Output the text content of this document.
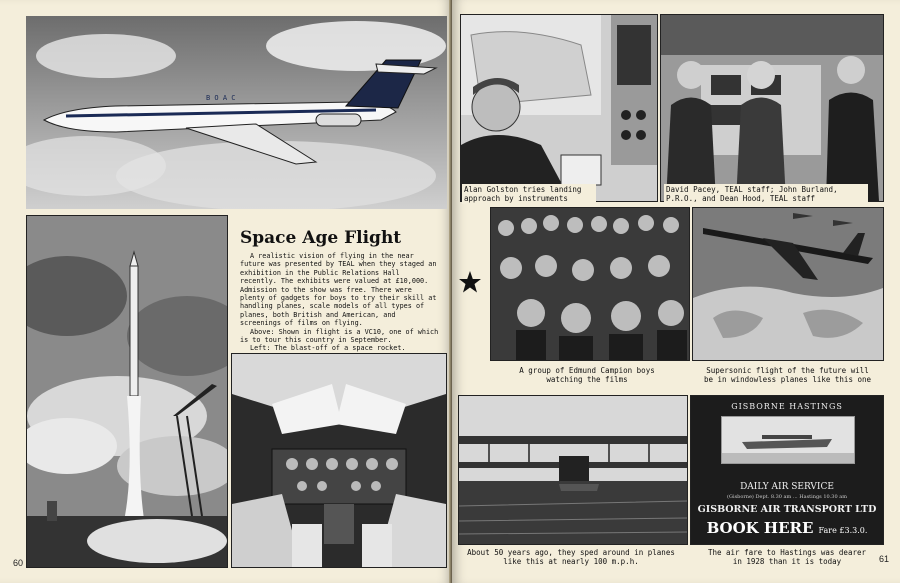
B O A C
Space Age Flight

A realistic vision of flying in the near future was presented by TEAL when they staged an exhibition in the Public Relations Hall recently. The exhibits were valued at £10,000. Admission to the show was free. There were plenty of gadgets for boys to try their skill at handling planes, scale models of all types of planes, both British and American, and screenings of films on flying.

Above: Shown in flight is a VC10, one of which is to tour this country in September.

Left: The blast-off of a space rocket.

60
Alan Golston tries landing approach by instruments
David Pacey, TEAL staff; John Burland, P.R.O., and Dean Hood, TEAL staff
A group of Edmund Campion boys watching the films
Supersonic flight of the future will be in windowless planes like this one
About 50 years ago, they sped around in planes like this at nearly 100 m.p.h.
GISBORNE HASTINGS
DAILY AIR SERVICE
(Gisborne) Dept. 8.30 am ... Hastings 10.30 am
GISBORNE AIR TRANSPORT LTD
BOOK HERE Fare £3.3.0.
The air fare to Hastings was dearer in 1928 than it is today	61
